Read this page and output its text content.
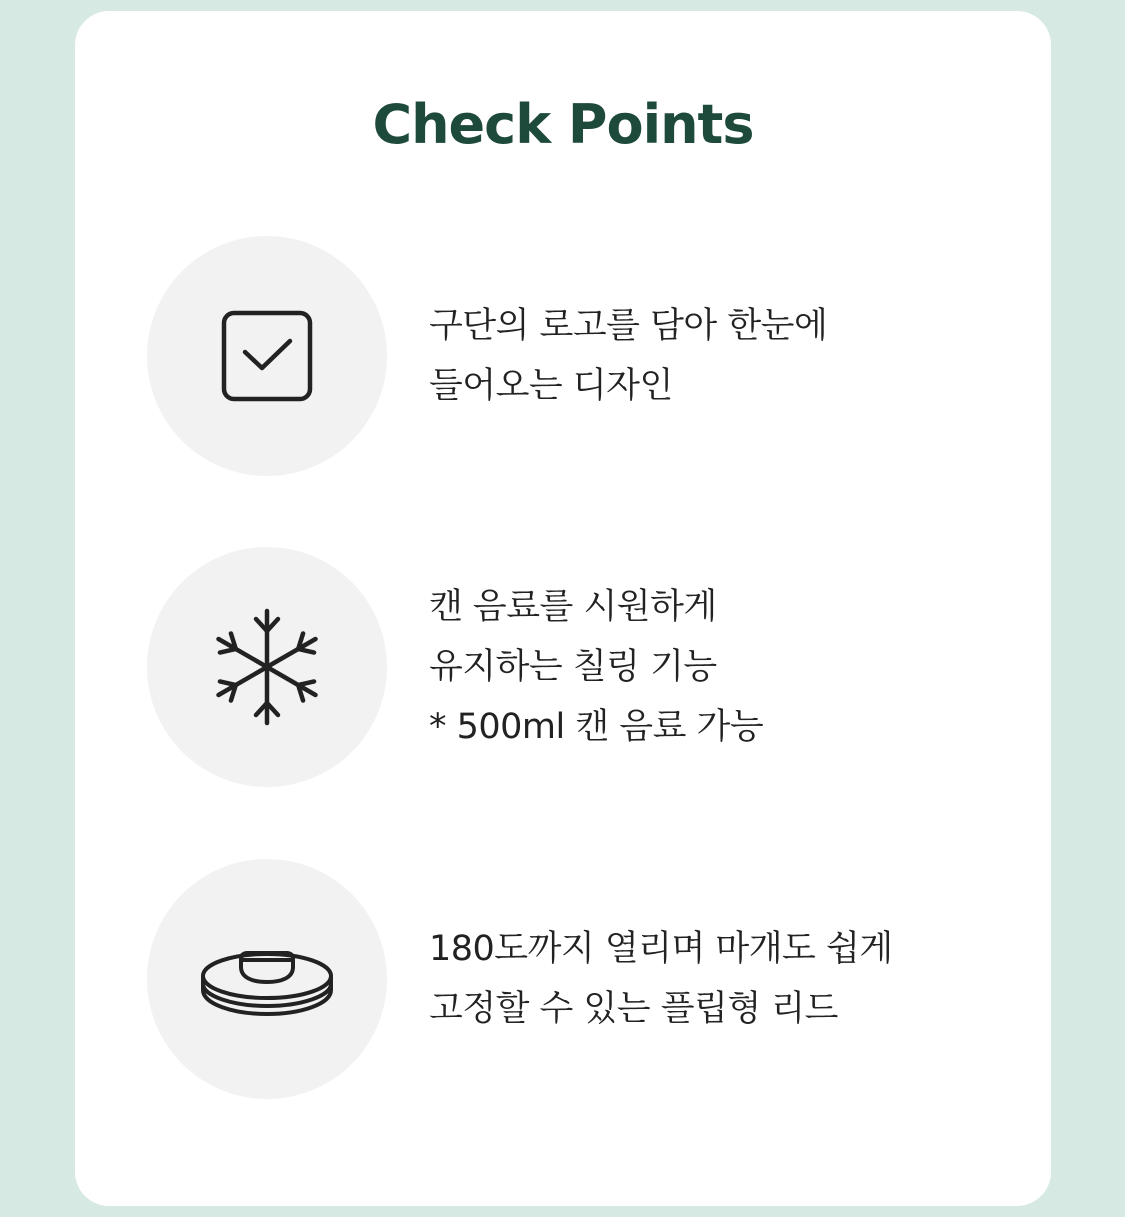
Check Points
구단의 로고를 담아 한눈에
들어오는 디자인
캔 음료를 시원하게
유지하는 칠링 기능
* 500ml 캔 음료 가능
180도까지 열리며 마개도 쉽게
고정할 수 있는 플립형 리드
